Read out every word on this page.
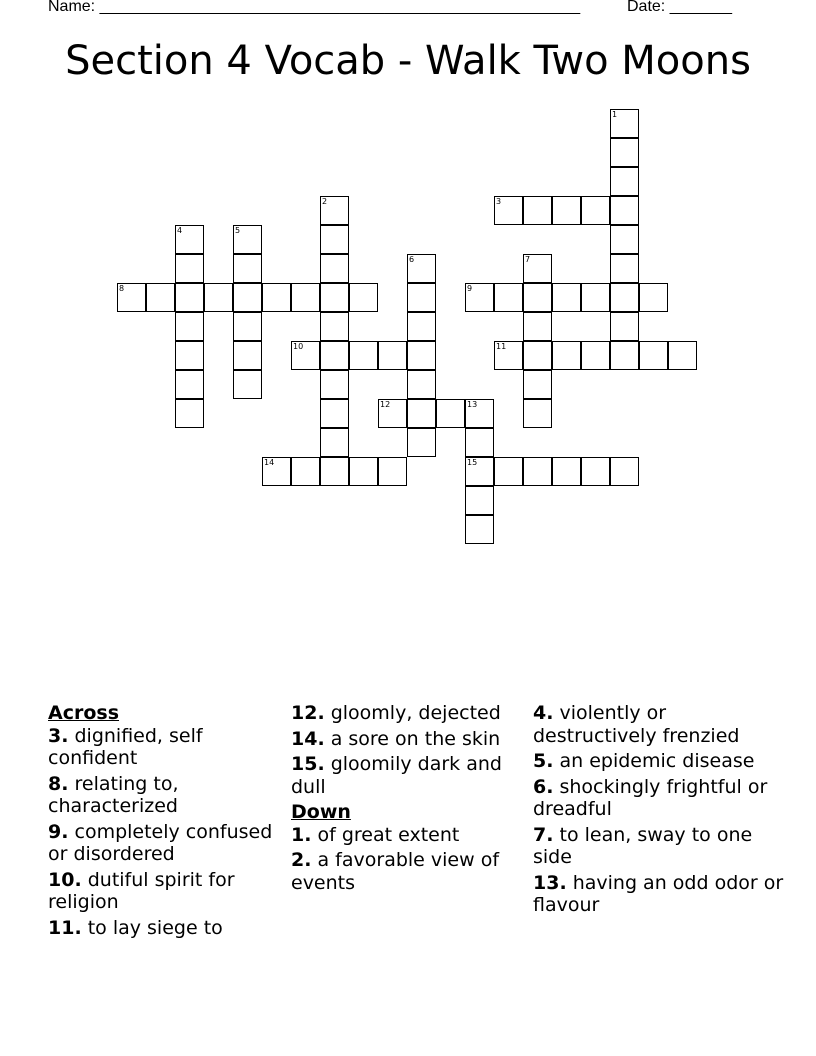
Name: ______________________________________________________	Date: _______
Section 4 Vocab - Walk Two Moons
1
2	3
4	5
6	7
8	9
10	11
12	13
15
14
Across
3. dignified, self confident
8. relating to, characterized
9. completely confused or disordered
10. dutiful spirit for religion
11. to lay siege to
12. gloomly, dejected
14. a sore on the skin
15. gloomily dark and dull
Down
1. of great extent
2. a favorable view of events
4. violently or destructively frenzied
5. an epidemic disease
6. shockingly frightful or dreadful
7. to lean, sway to one side
13. having an odd odor or flavour
